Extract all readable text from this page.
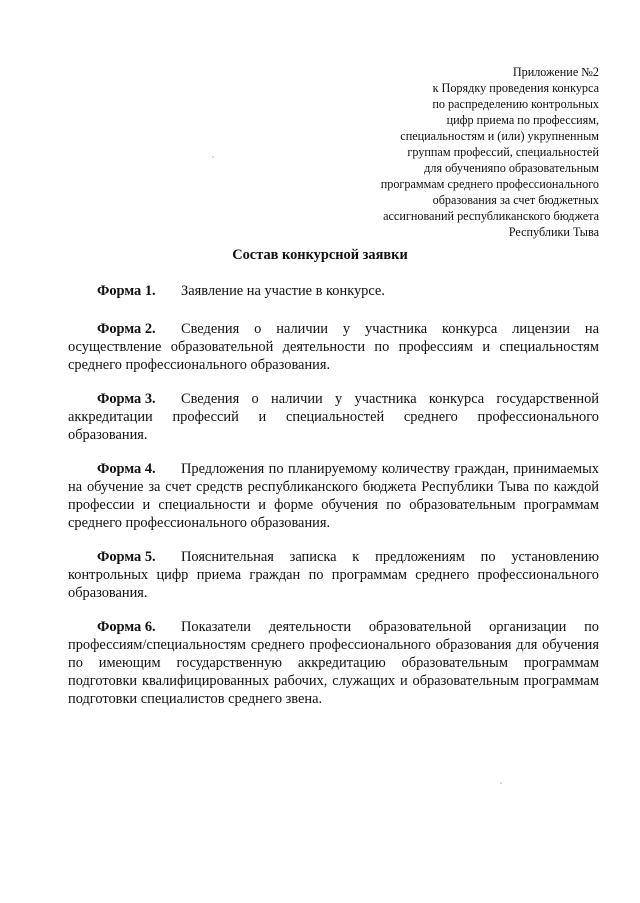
Приложение №2
к Порядку проведения конкурса
по распределению контрольных
цифр приема по профессиям,
специальностям и (или) укрупненным
группам профессий, специальностей
для обученияпо образовательным
программам среднего профессионального
образования за счет бюджетных
ассигнований республиканского бюджета
Республики Тыва
Состав конкурсной заявки

Форма 1. Заявление на участие в конкурсе.

Форма 2. Сведения о наличии у участника конкурса лицензии на осуществление образовательной деятельности по профессиям и специальностям среднего профессионального образования.

Форма 3. Сведения о наличии у участника конкурса государственной аккредитации профессий и специальностей среднего профессионального образования.

Форма 4. Предложения по планируемому количеству граждан, принимаемых на обучение за счет средств республиканского бюджета Республики Тыва по каждой профессии и специальности и форме обучения по образовательным программам среднего профессионального образования.

Форма 5. Пояснительная записка к предложениям по установлению контрольных цифр приема граждан по программам среднего профессионального образования.

Форма 6. Показатели деятельности образовательной организации по профессиям/специальностям среднего профессионального образования для обучения по имеющим государственную аккредитацию образовательным программам подготовки квалифицированных рабочих, служащих и образовательным программам подготовки специалистов среднего звена.
